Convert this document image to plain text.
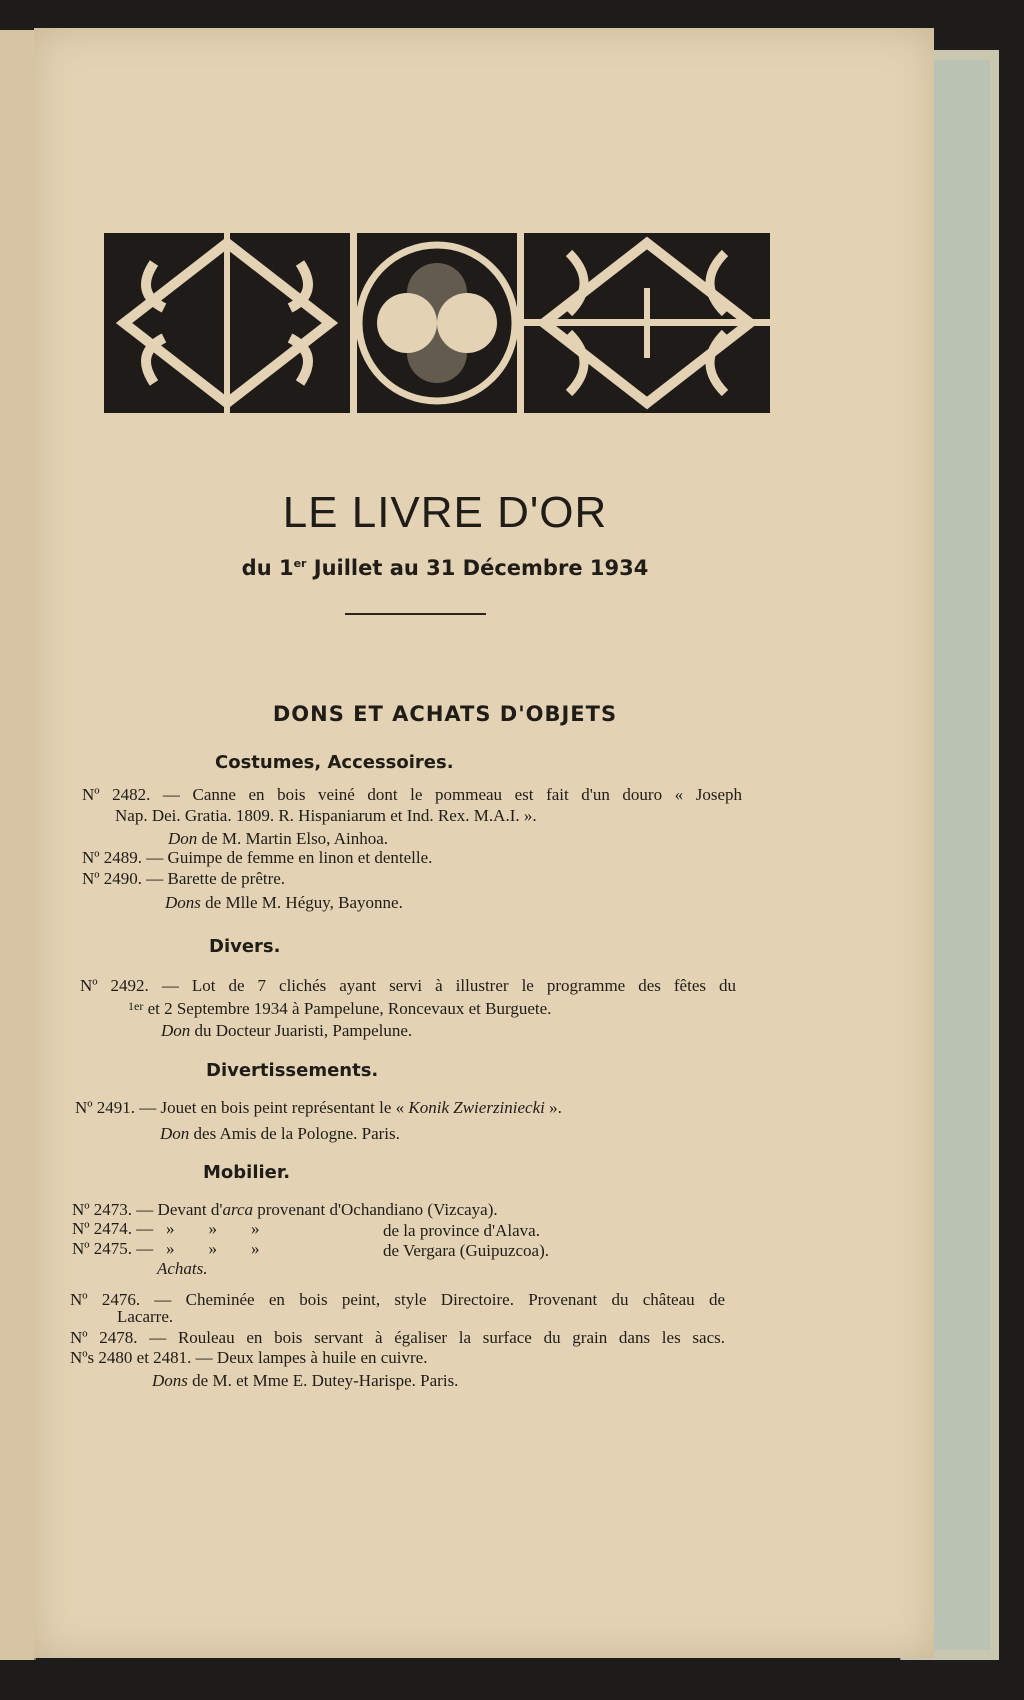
LE LIVRE D'OR
du 1er Juillet au 31 Décembre 1934
DONS ET ACHATS D'OBJETS
Costumes, Accessoires.
Nº 2482. — Canne en bois veiné dont le pommeau est fait d'un douro « Joseph
Nap. Dei. Gratia. 1809. R. Hispaniarum et Ind. Rex. M.A.I. ».
Don de M. Martin Elso, Ainhoa.
Nº 2489. — Guimpe de femme en linon et dentelle.
Nº 2490. — Barette de prêtre.
Dons de Mlle M. Héguy, Bayonne.
Divers.
Nº 2492. — Lot de 7 clichés ayant servi à illustrer le programme des fêtes du
$^{1er}$ et 2 Septembre 1934 à Pampelune, Roncevaux et Burguete.
Don du Docteur Juaristi, Pampelune.
Divertissements.
Nº 2491. — Jouet en bois peint représentant le « Konik Zwierziniecki ».
Don des Amis de la Pologne. Paris.
Mobilier.
Nº 2473. — Devant d'arca provenant d'Ochandiano (Vizcaya).
Nº 2474. —   »        »        »	de la province d'Alava.
Nº 2475. —   »        »        »	de Vergara (Guipuzcoa).
Achats.
Nº 2476. — Cheminée en bois peint, style Directoire. Provenant du château de
Lacarre.
Nº 2478. — Rouleau en bois servant à égaliser la surface du grain dans les sacs.
Nºs 2480 et 2481. — Deux lampes à huile en cuivre.
Dons de M. et Mme E. Dutey-Harispe. Paris.
